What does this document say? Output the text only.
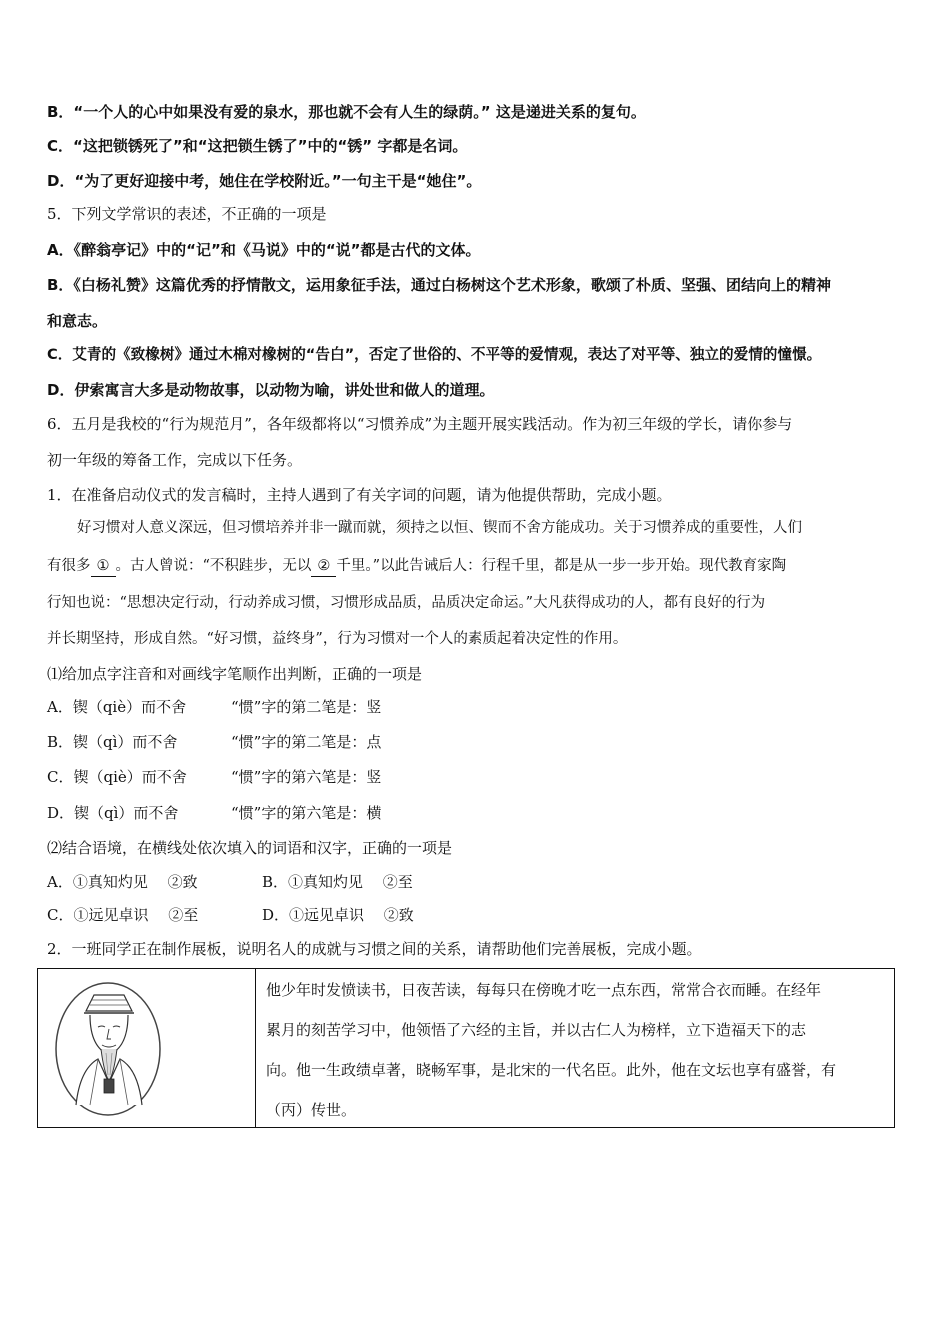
B．“一个人的心中如果没有爱的泉水，那也就不会有人生的绿荫。” 这是递进关系的复句。
C．“这把锁锈死了”和“这把锁生锈了”中的“锈” 字都是名词。
D．“为了更好迎接中考，她住在学校附近。”一句主干是“她住”。
5．下列文学常识的表述，不正确的一项是
A．《醉翁亭记》中的“记”和《马说》中的“说”都是古代的文体。
B．《白杨礼赞》这篇优秀的抒情散文，运用象征手法，通过白杨树这个艺术形象，歌颂了朴质、坚强、团结向上的精神
和意志。
C．艾青的《致橡树》通过木棉对橡树的“告白”，否定了世俗的、不平等的爱情观，表达了对平等、独立的爱情的憧憬。
D．伊索寓言大多是动物故事，以动物为喻，讲处世和做人的道理。
6．五月是我校的“行为规范月”，各年级都将以“习惯养成”为主题开展实践活动。作为初三年级的学长，请你参与
初一年级的筹备工作，完成以下任务。
1．在准备启动仪式的发言稿时，主持人遇到了有关字词的问题，请为他提供帮助，完成小题。
好习惯对人意义深远，但习惯培养并非一蹴而就，须持之以恒、锲而不舍方能成功。关于习惯养成的重要性，人们
有很多 ① 。古人曾说：“不积跬步，无以 ② 千里。”以此告诫后人：行程千里，都是从一步一步开始。现代教育家陶
行知也说：“思想决定行动，行动养成习惯，习惯形成品质，品质决定命运。”大凡获得成功的人，都有良好的行为
并长期坚持，形成自然。“好习惯，益终身”，行为习惯对一个人的素质起着决定性的作用。
⑴给加点字注音和对画线字笔顺作出判断，正确的一项是
A．锲（qiè）而不舍	“惯”字的第二笔是：竖
B．锲（qì）而不舍	“惯”字的第二笔是：点
C．锲（qiè）而不舍	“惯”字的第六笔是：竖
D．锲（qì）而不舍	“惯”字的第六笔是：横
⑵结合语境，在横线处依次填入的词语和汉字，正确的一项是
A．①真知灼见　 ②致	B．①真知灼见　 ②至
C．①远见卓识　 ②至	D．①远见卓识　 ②致
2．一班同学正在制作展板，说明名人的成就与习惯之间的关系，请帮助他们完善展板，完成小题。
他少年时发愤读书，日夜苦读，每每只在傍晚才吃一点东西，常常合衣而睡。在经年
累月的刻苦学习中，他领悟了六经的主旨，并以古仁人为榜样，立下造福天下的志
向。他一生政绩卓著，晓畅军事，是北宋的一代名臣。此外，他在文坛也享有盛誉，有
（丙）传世。
